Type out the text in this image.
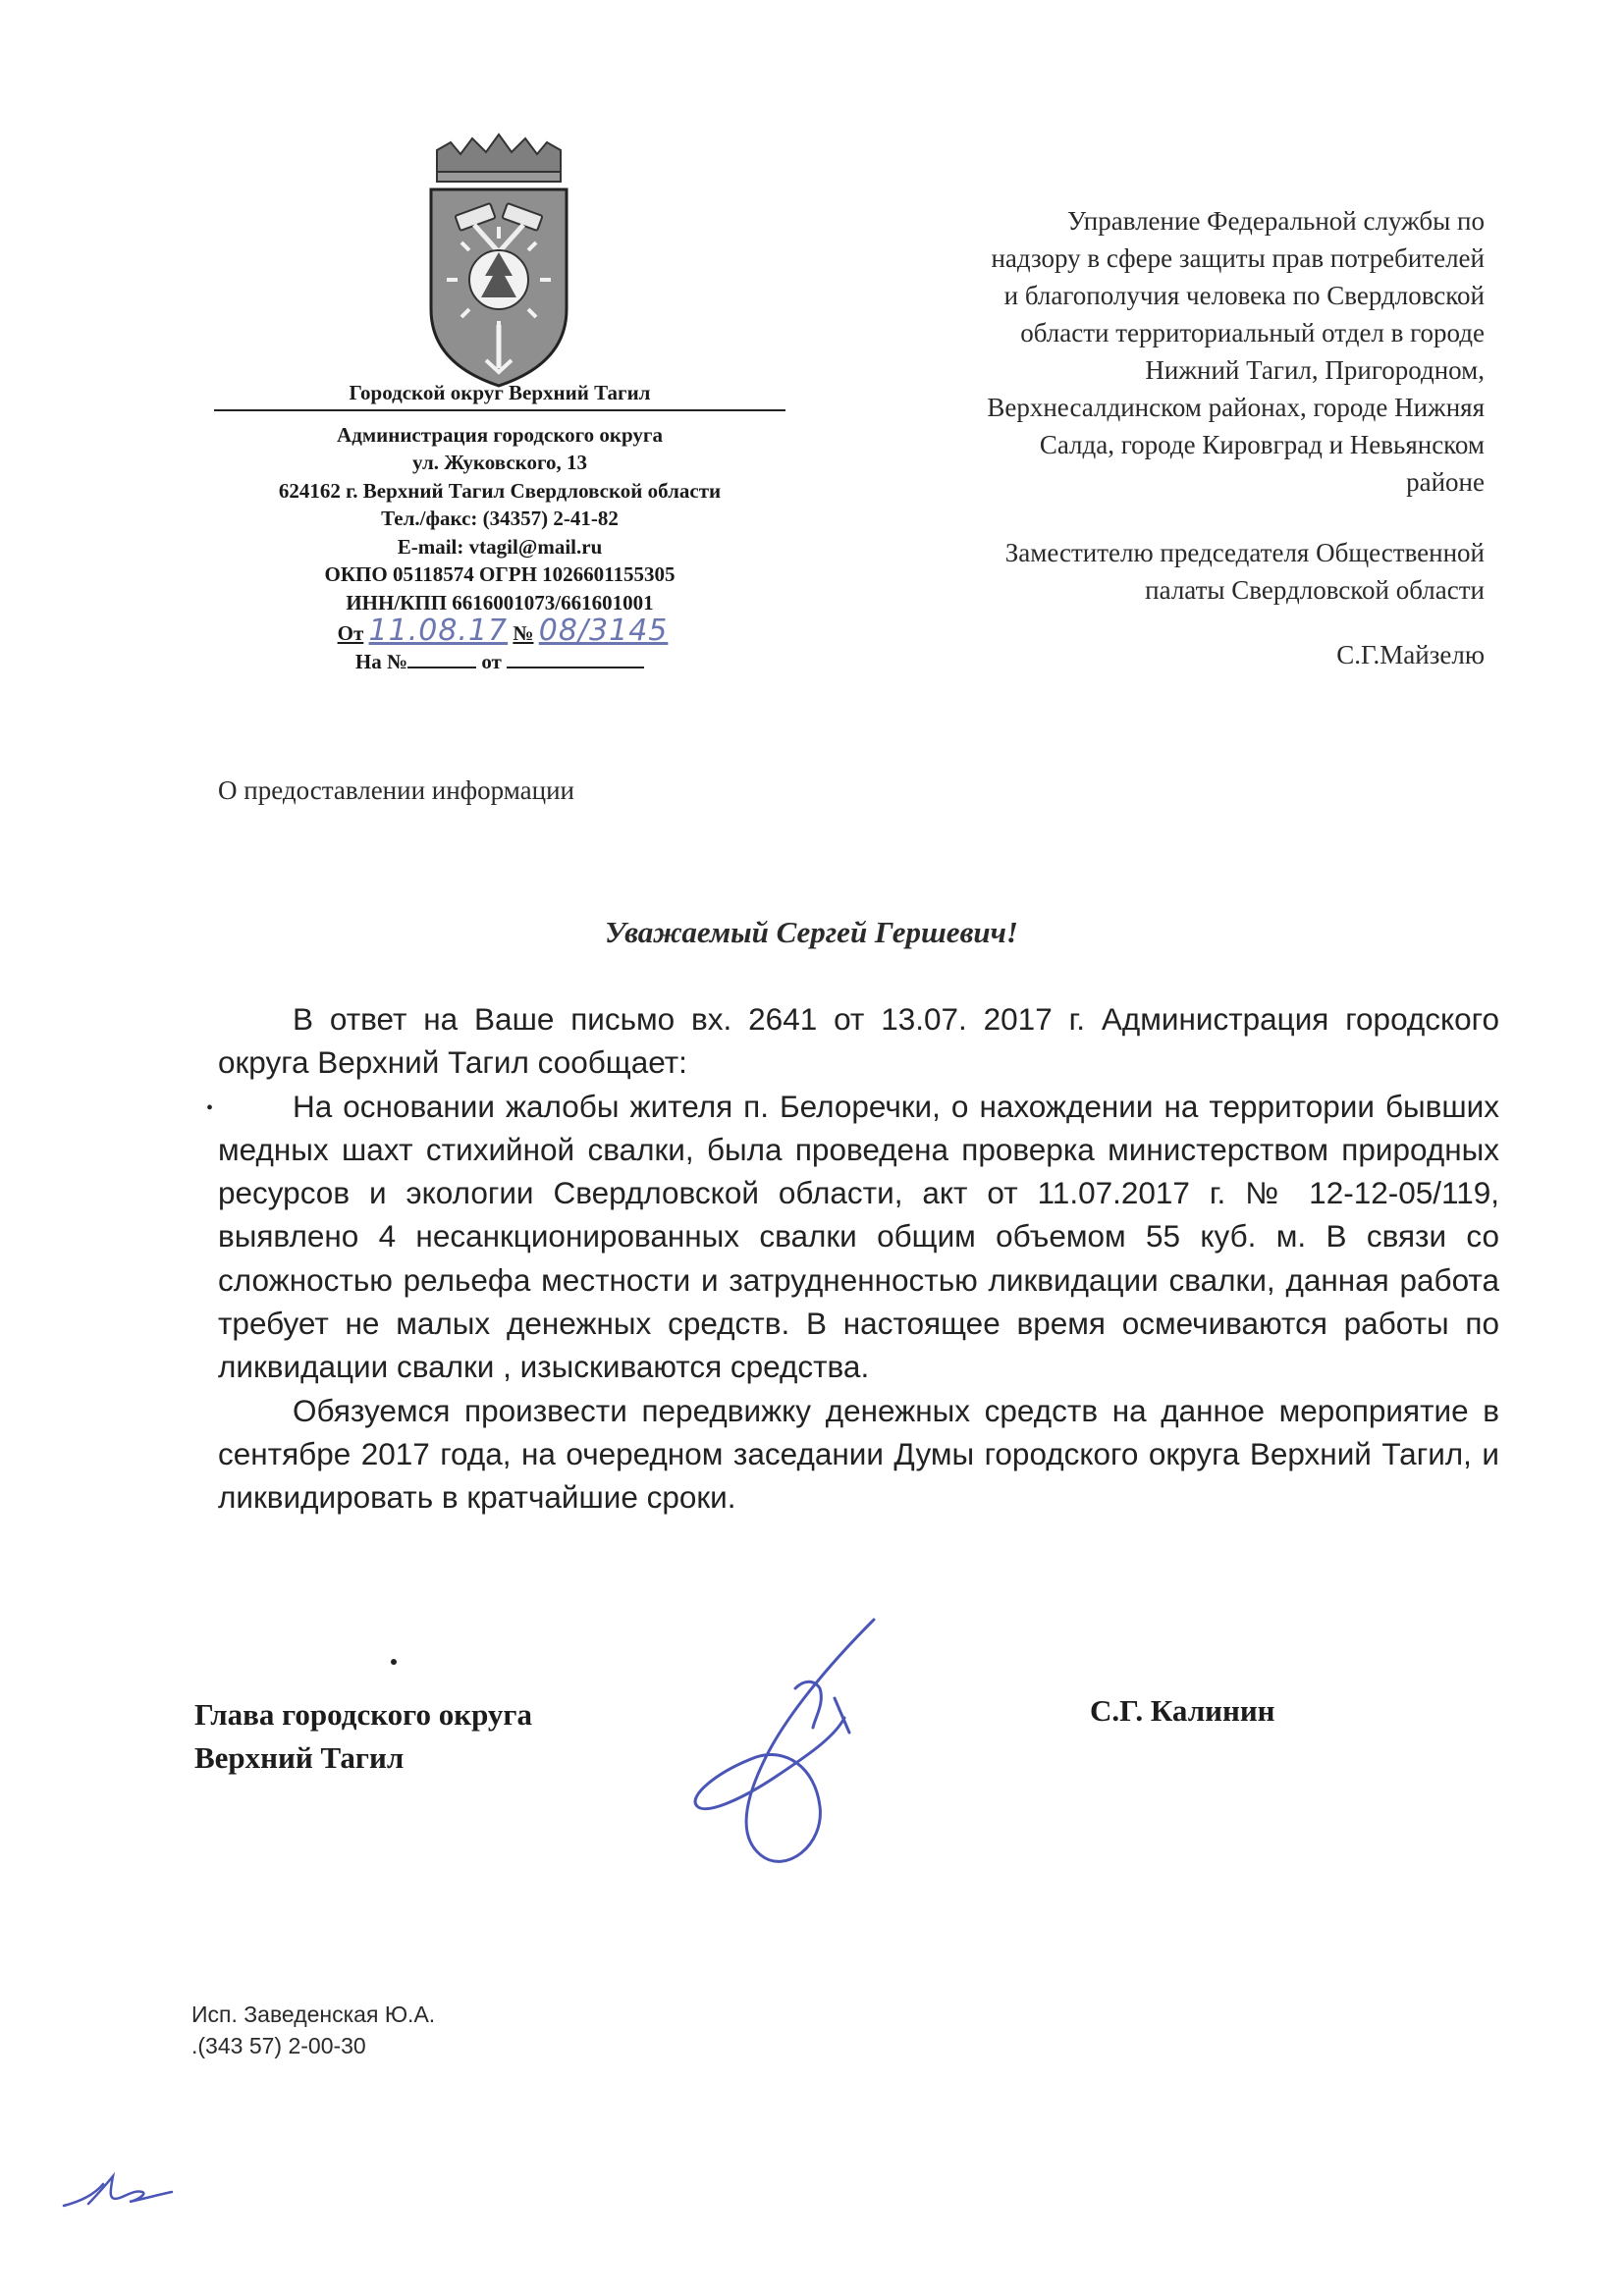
Городской округ Верхний Тагил
Администрация городского округа
ул. Жуковского, 13
624162 г. Верхний Тагил Свердловской области
Тел./факс: (34357) 2-41-82
E-mail: vtagil@mail.ru
ОКПО 05118574 ОГРН 1026601155305
ИНН/КПП 6616001073/661601001
От 11.08.17 № 08/3145
На №	от
Управление Федеральной службы по
надзору в сфере защиты прав потребителей
и благополучия человека по Свердловской
области территориальный отдел в городе
Нижний Тагил, Пригородном,
Верхнесалдинском районах, городе Нижняя
Салда, городе Кировград и Невьянском
районе
Заместителю председателя Общественной
палаты Свердловской области
С.Г.Майзелю
О предоставлении информации
Уважаемый Сергей Гершевич!
•

В ответ на Ваше письмо вх. 2641 от 13.07. 2017 г. Администрация городского округа Верхний Тагил сообщает:

На основании жалобы жителя п. Белоречки, о нахождении на территории бывших медных шахт стихийной свалки, была проведена проверка министерством природных ресурсов и экологии Свердловской области, акт от 11.07.2017 г. № 12-12-05/119, выявлено 4 несанкционированных свалки общим объемом 55 куб. м. В связи со сложностью рельефа местности и затрудненностью ликвидации свалки, данная работа требует не малых денежных средств. В настоящее время осмечиваются работы по ликвидации свалки , изыскиваются средства.

Обязуемся произвести передвижку денежных средств на данное мероприятие в сентябре 2017 года, на очередном заседании Думы городского округа Верхний Тагил, и ликвидировать в кратчайшие сроки.

Глава городского округа
Верхний Тагил
С.Г. Калинин
Исп. Заведенская Ю.А.
.(343 57) 2-00-30
